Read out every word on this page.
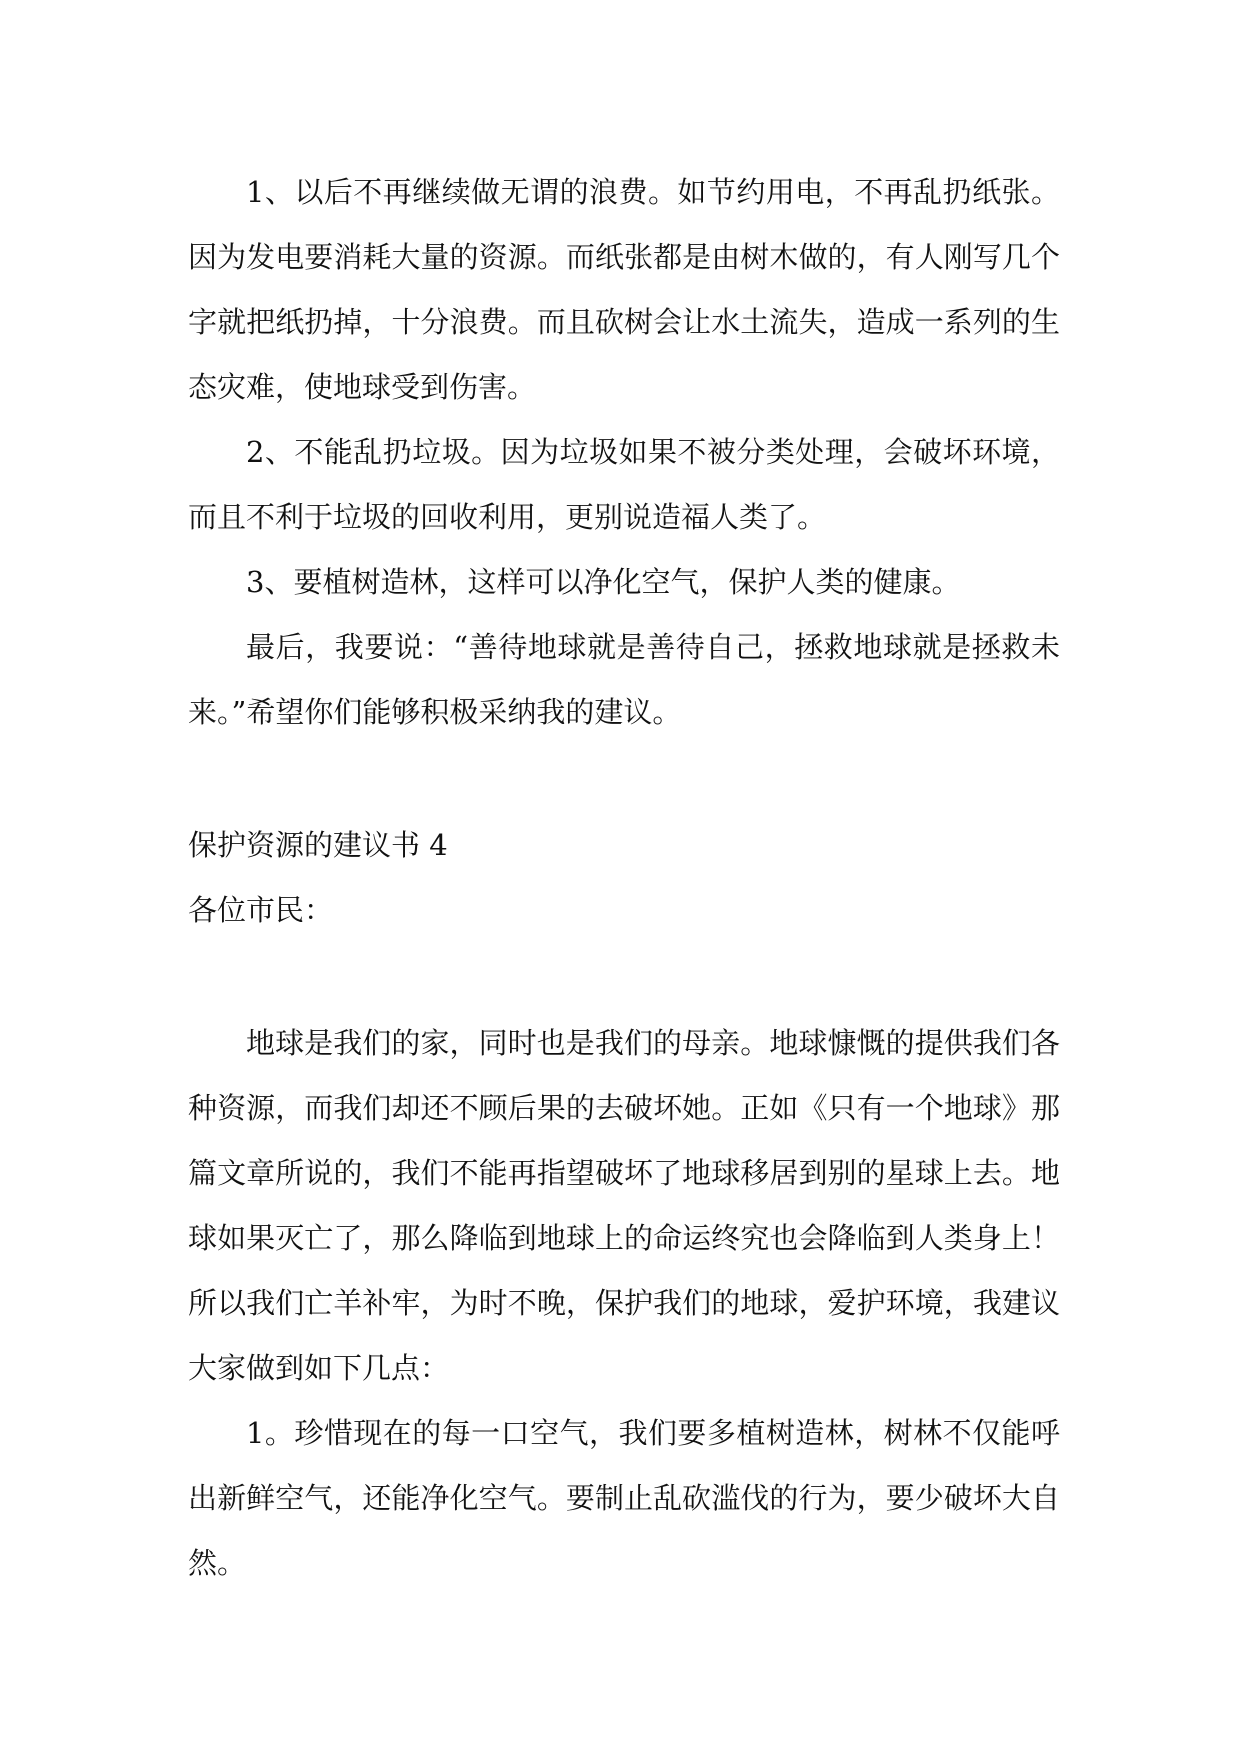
1、以后不再继续做无谓的浪费。如节约用电，不再乱扔纸张。因为发电要消耗大量的资源。而纸张都是由树木做的，有人刚写几个字就把纸扔掉，十分浪费。而且砍树会让水土流失，造成一系列的生态灾难，使地球受到伤害。

2、不能乱扔垃圾。因为垃圾如果不被分类处理，会破坏环境，而且不利于垃圾的回收利用，更别说造福人类了。

3、要植树造林，这样可以净化空气，保护人类的健康。

最后，我要说：“善待地球就是善待自己，拯救地球就是拯救未来。”希望你们能够积极采纳我的建议。

保护资源的建议书 4

各位市民：

地球是我们的家，同时也是我们的母亲。地球慷慨的提供我们各种资源，而我们却还不顾后果的去破坏她。正如《只有一个地球》那篇文章所说的，我们不能再指望破坏了地球移居到别的星球上去。地球如果灭亡了，那么降临到地球上的命运终究也会降临到人类身上！所以我们亡羊补牢，为时不晚，保护我们的地球，爱护环境，我建议大家做到如下几点：

1。珍惜现在的每一口空气，我们要多植树造林，树林不仅能呼出新鲜空气，还能净化空气。要制止乱砍滥伐的行为，要少破坏大自然。
